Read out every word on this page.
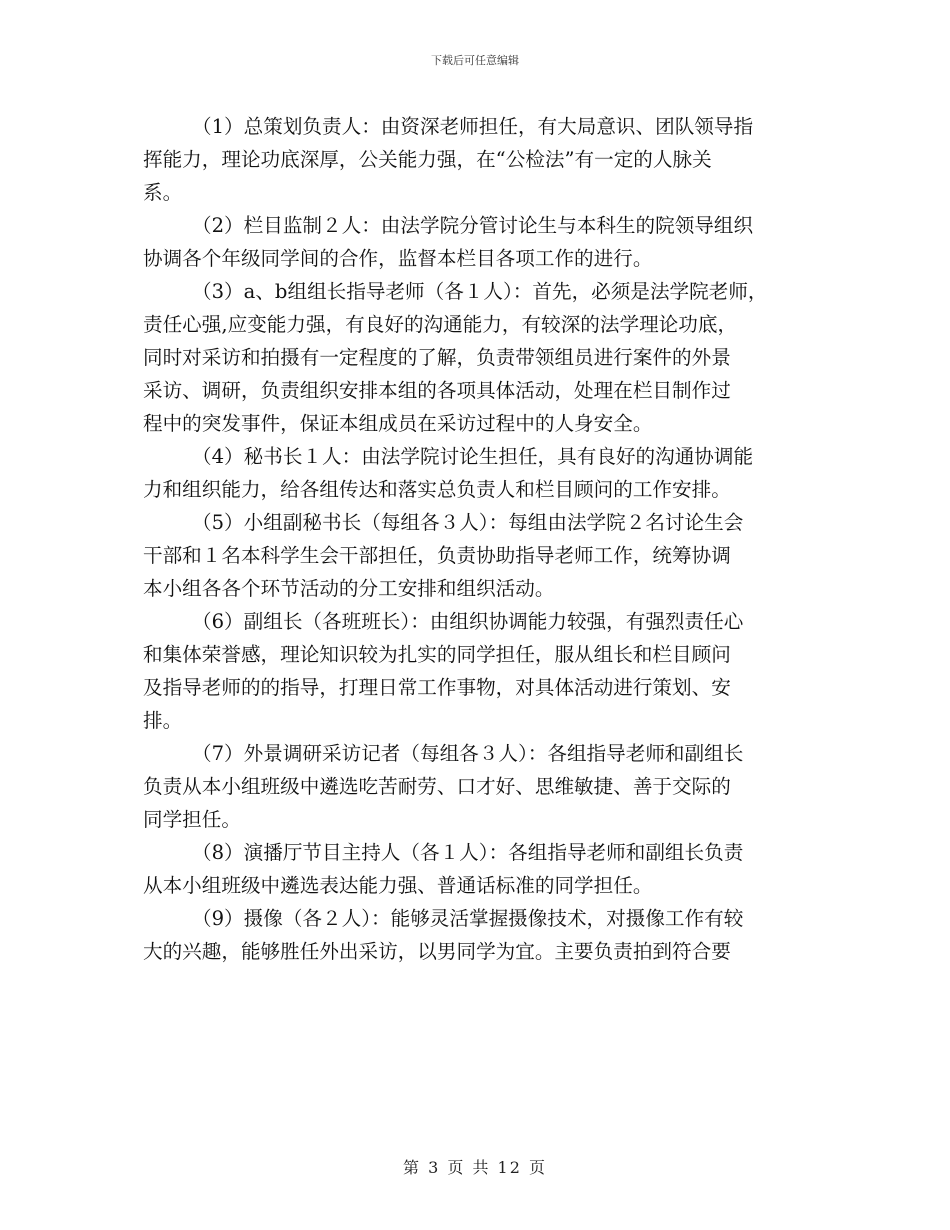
下载后可任意编辑
（1）总策划负责人：由资深老师担任，有大局意识、团队领导指
挥能力，理论功底深厚，公关能力强，在“公检法”有一定的人脉关
系。
（2）栏目监制２人：由法学院分管讨论生与本科生的院领导组织
协调各个年级同学间的合作，监督本栏目各项工作的进行。
（3）a、b组组长指导老师（各１人）：首先，必须是法学院老师，
责任心强,应变能力强，有良好的沟通能力，有较深的法学理论功底，
同时对采访和拍摄有一定程度的了解，负责带领组员进行案件的外景
采访、调研，负责组织安排本组的各项具体活动，处理在栏目制作过
程中的突发事件，保证本组成员在采访过程中的人身安全。
（4）秘书长１人：由法学院讨论生担任，具有良好的沟通协调能
力和组织能力，给各组传达和落实总负责人和栏目顾问的工作安排。
（5）小组副秘书长（每组各３人）：每组由法学院２名讨论生会
干部和１名本科学生会干部担任，负责协助指导老师工作，统筹协调
本小组各各个环节活动的分工安排和组织活动。
（6）副组长（各班班长）：由组织协调能力较强，有强烈责任心
和集体荣誉感，理论知识较为扎实的同学担任，服从组长和栏目顾问
及指导老师的的指导，打理日常工作事物，对具体活动进行策划、安
排。
（7）外景调研采访记者（每组各３人）：各组指导老师和副组长
负责从本小组班级中遴选吃苦耐劳、口才好、思维敏捷、善于交际的
同学担任。
（8）演播厅节目主持人（各１人）：各组指导老师和副组长负责
从本小组班级中遴选表达能力强、普通话标准的同学担任。
（9）摄像（各２人）：能够灵活掌握摄像技术，对摄像工作有较
大的兴趣，能够胜任外出采访，以男同学为宜。主要负责拍到符合要
第 3 页 共 12 页
